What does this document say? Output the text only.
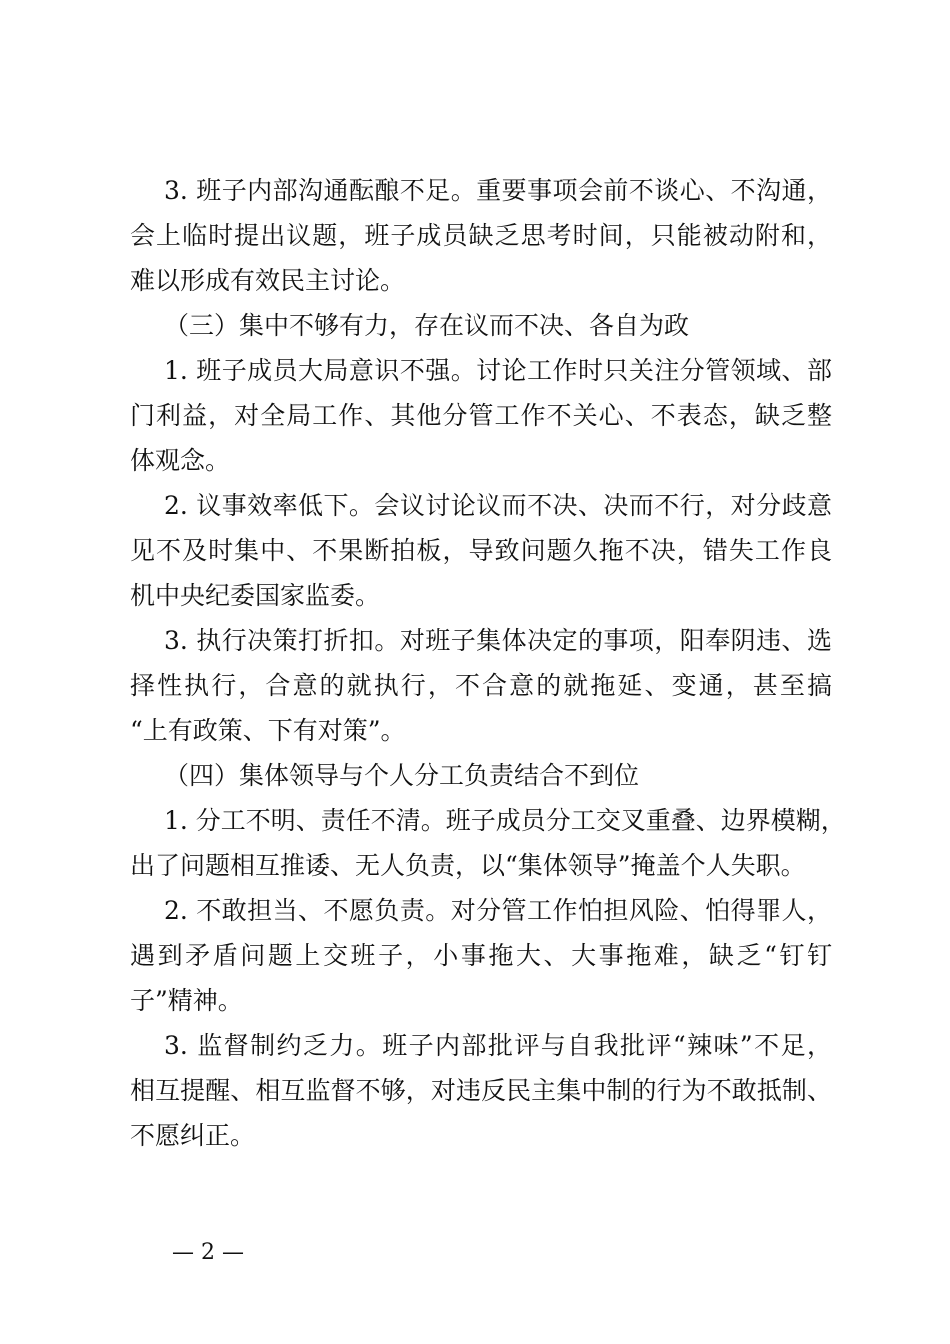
3. 班子内部沟通酝酿不足。重要事项会前不谈心、不沟通，
会上临时提出议题，班子成员缺乏思考时间，只能被动附和，
难以形成有效民主讨论。
（三）集中不够有力，存在议而不决、各自为政
1. 班子成员大局意识不强。讨论工作时只关注分管领域、部
门利益，对全局工作、其他分管工作不关心、不表态，缺乏整
体观念。
2. 议事效率低下。会议讨论议而不决、决而不行，对分歧意
见不及时集中、不果断拍板，导致问题久拖不决，错失工作良
机中央纪委国家监委。
3. 执行决策打折扣。对班子集体决定的事项，阳奉阴违、选
择性执行，合意的就执行，不合意的就拖延、变通，甚至搞
“上有政策、下有对策”。
（四）集体领导与个人分工负责结合不到位
1. 分工不明、责任不清。班子成员分工交叉重叠、边界模糊，
出了问题相互推诿、无人负责，以“集体领导”掩盖个人失职。
2. 不敢担当、不愿负责。对分管工作怕担风险、怕得罪人，
遇到矛盾问题上交班子，小事拖大、大事拖难，缺乏“钉钉
子”精神。
3. 监督制约乏力。班子内部批评与自我批评“辣味”不足，
相互提醒、相互监督不够，对违反民主集中制的行为不敢抵制、
不愿纠正。
— 2 —
